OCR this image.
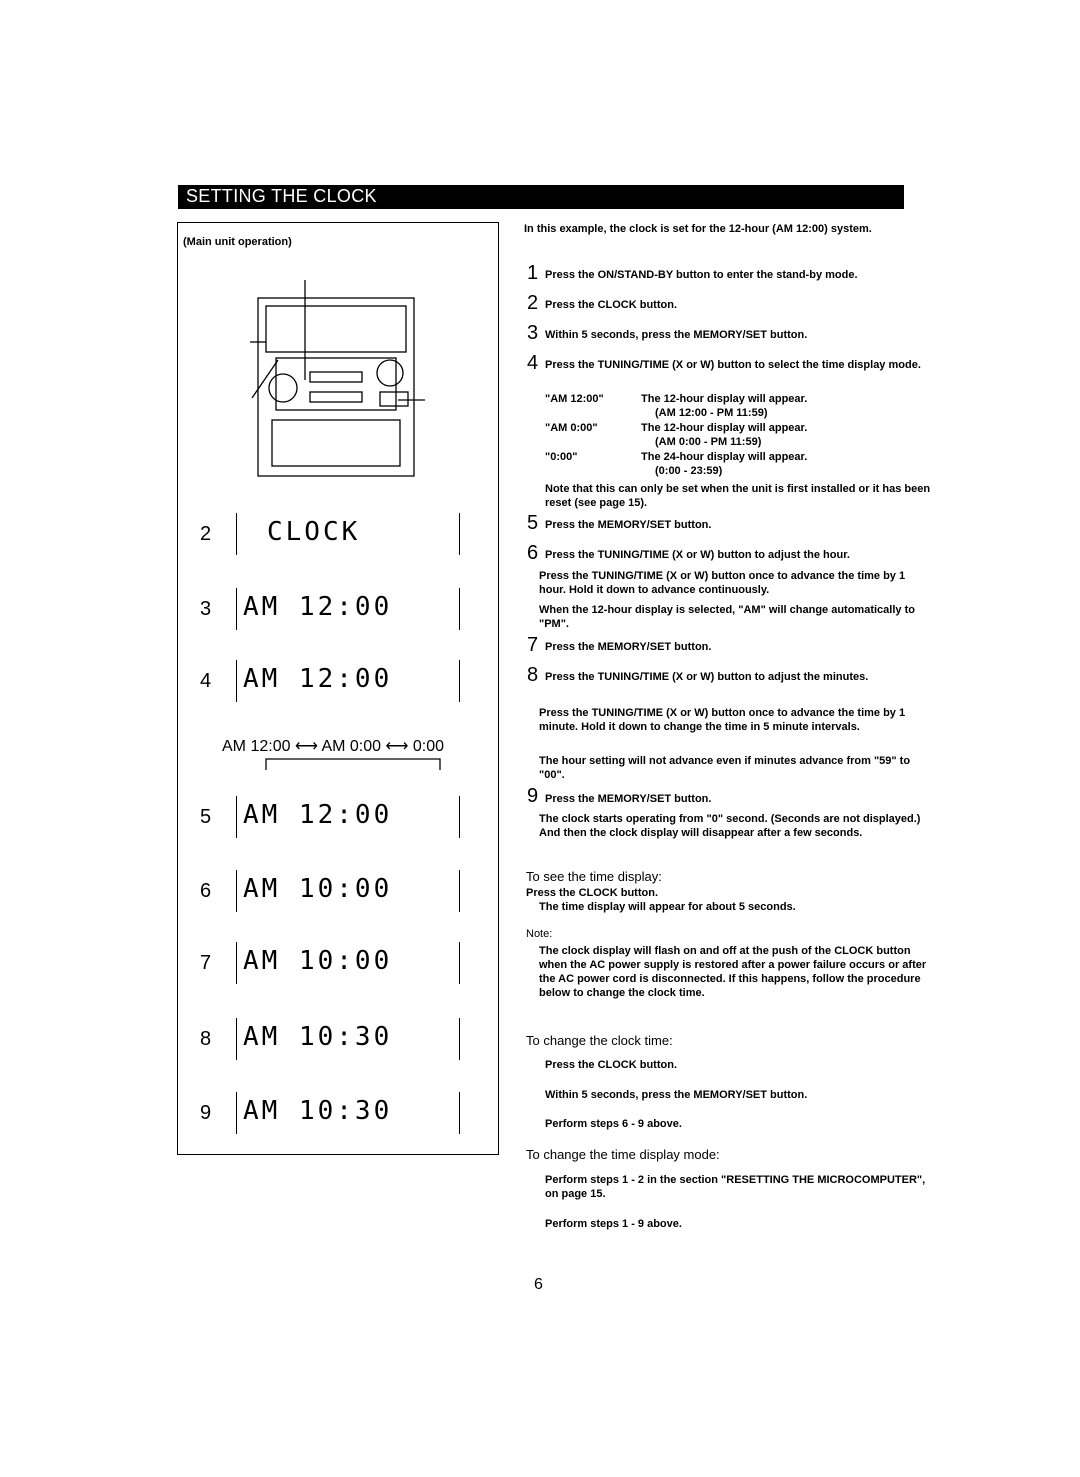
SETTING THE CLOCK
(Main unit operation)
2 CLOCK
3 AM 12:00
4 AM 12:00
5 AM 12:00
6 AM 10:00
7 AM 10:00
8 AM 10:30
9 AM 10:30
AM 12:00 ⟷ AM 0:00 ⟷ 0:00
In this example, the clock is set for the 12-hour (AM 12:00) system.
1 Press the ON/STAND-BY button to enter the stand-by mode.
2 Press the CLOCK button.
3 Within 5 seconds, press the MEMORY/SET button.
4 Press the TUNING/TIME (X or W) button to select the time display mode.
"AM 12:00"	The 12-hour display will appear.
(AM 12:00 - PM 11:59)
"AM 0:00"	The 12-hour display will appear.
(AM 0:00 - PM 11:59)
"0:00"	The 24-hour display will appear.
(0:00 - 23:59)
Note that this can only be set when the unit is first installed or it has been reset (see page 15).
5 Press the MEMORY/SET button.
6 Press the TUNING/TIME (X or W) button to adjust the hour.
Press the TUNING/TIME (X or W) button once to advance the time by 1 hour. Hold it down to advance continuously.
When the 12-hour display is selected, "AM" will change automatically to "PM".
7 Press the MEMORY/SET button.
8 Press the TUNING/TIME (X or W) button to adjust the minutes.
Press the TUNING/TIME (X or W) button once to advance the time by 1 minute. Hold it down to change the time in 5 minute intervals.
The hour setting will not advance even if minutes advance from "59" to "00".
9 Press the MEMORY/SET button.
The clock starts operating from "0" second. (Seconds are not displayed.) And then the clock display will disappear after a few seconds.
To see the time display:
Press the CLOCK button.
The time display will appear for about 5 seconds.
Note:
The clock display will flash on and off at the push of the CLOCK button when the AC power supply is restored after a power failure occurs or after the AC power cord is disconnected. If this happens, follow the procedure below to change the clock time.
To change the clock time:
Press the CLOCK button.
Within 5 seconds, press the MEMORY/SET button.
Perform steps 6 - 9 above.
To change the time display mode:
Perform steps 1 - 2 in the section "RESETTING THE MICROCOMPUTER", on page 15.
Perform steps 1 - 9 above.
6
